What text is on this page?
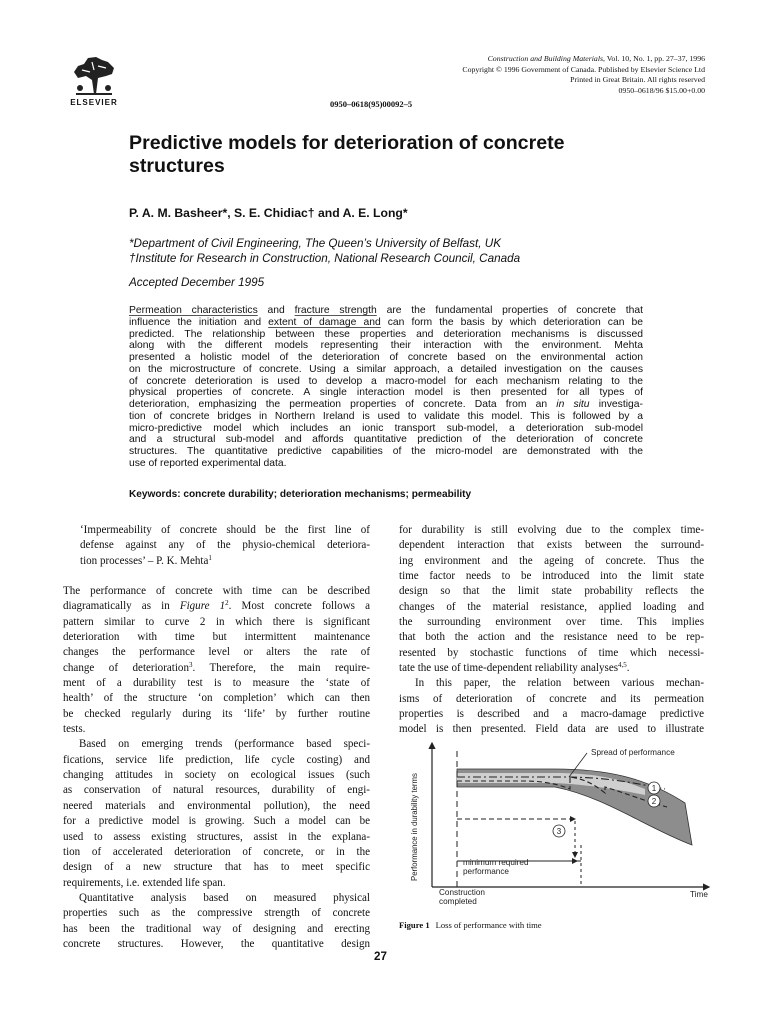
ELSEVIER
Construction and Building Materials, Vol. 10, No. 1, pp. 27–37, 1996
Copyright © 1996 Government of Canada. Published by Elsevier Science Ltd
Printed in Great Britain. All rights reserved
0950–0618/96 $15.00+0.00
0950–0618(95)00092–5
Predictive models for deterioration of concrete
structures
P. A. M. Basheer*, S. E. Chidiac† and A. E. Long*
*Department of Civil Engineering, The Queen’s University of Belfast, UK
†Institute for Research in Construction, National Research Council, Canada
Accepted December 1995
Permeation characteristics and fracture strength are the fundamental properties of concrete that
influence the initiation and extent of damage and can form the basis by which deterioration can be
predicted. The relationship between these properties and deterioration mechanisms is discussed
along with the different models representing their interaction with the environment. Mehta
presented a holistic model of the deterioration of concrete based on the environmental action
on the microstructure of concrete. Using a similar approach, a detailed investigation on the causes
of concrete deterioration is used to develop a macro-model for each mechanism relating to the
physical properties of concrete. A single interaction model is then presented for all types of
deterioration, emphasizing the permeation properties of concrete. Data from an in situ investiga-
tion of concrete bridges in Northern Ireland is used to validate this model. This is followed by a
micro-predictive model which includes an ionic transport sub-model, a deterioration sub-model
and a structural sub-model and affords quantitative prediction of the deterioration of concrete
structures. The quantitative predictive capabilities of the micro-model are demonstrated with the
use of reported experimental data.
Keywords: concrete durability; deterioration mechanisms; permeability
‘Impermeability of concrete should be the first line of
defense against any of the physio-chemical deteriora-
tion processes’ – P. K. Mehta$^1$
The performance of concrete with time can be described
diagramatically as in Figure $1^2$. Most concrete follows a
pattern similar to curve 2 in which there is significant
deterioration with time but intermittent maintenance
changes the performance level or alters the rate of
change of deterioration$^3$. Therefore, the main require-
ment of a durability test is to measure the ‘state of
health’ of the structure ‘on completion’ which can then
be checked regularly during its ‘life’ by further routine
tests.
Based on emerging trends (performance based speci-
fications, service life prediction, life cycle costing) and
changing attitudes in society on ecological issues (such
as conservation of natural resources, durability of engi-
neered materials and environmental pollution), the need
for a predictive model is growing. Such a model can be
used to assess existing structures, assist in the explana-
tion of accelerated deterioration of concrete, or in the
design of a new structure that has to meet specific
requirements, i.e. extended life span.
Quantitative analysis based on measured physical
properties such as the compressive strength of concrete
has been the traditional way of designing and erecting
concrete structures. However, the quantitative design
for durability is still evolving due to the complex time-
dependent interaction that exists between the surround-
ing environment and the ageing of concrete. Thus the
time factor needs to be introduced into the limit state
design so that the limit state probability reflects the
changes of the material resistance, applied loading and
the surrounding environment over time. This implies
that both the action and the resistance need to be rep-
resented by stochastic functions of time which necessi-
tate the use of time-dependent reliability analyses$^{4,5}$.
In this paper, the relation between various mechan-
isms of deterioration of concrete and its permeation
properties is described and a macro-damage predictive
model is then presented. Field data are used to illustrate
Spread of performance
1
2
3
minimum required
performance
Performance in durability terms
Time
Construction
completed
Figure 1 Loss of performance with time
27
